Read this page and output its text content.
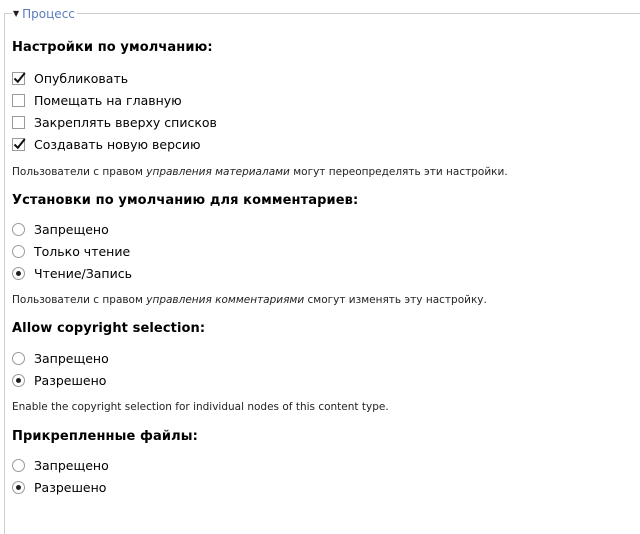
▼ Процесс
Настройки по умолчанию:
Опубликовать
Помещать на главную
Закреплять вверху списков
Создавать новую версию
Пользователи с правом управления материалами могут переопределять эти настройки.
Установки по умолчанию для комментариев:
Запрещено
Только чтение
Чтение/Запись
Пользователи с правом управления комментариями смогут изменять эту настройку.
Allow copyright selection:
Запрещено
Разрешено
Enable the copyright selection for individual nodes of this content type.
Прикрепленные файлы:
Запрещено
Разрешено
